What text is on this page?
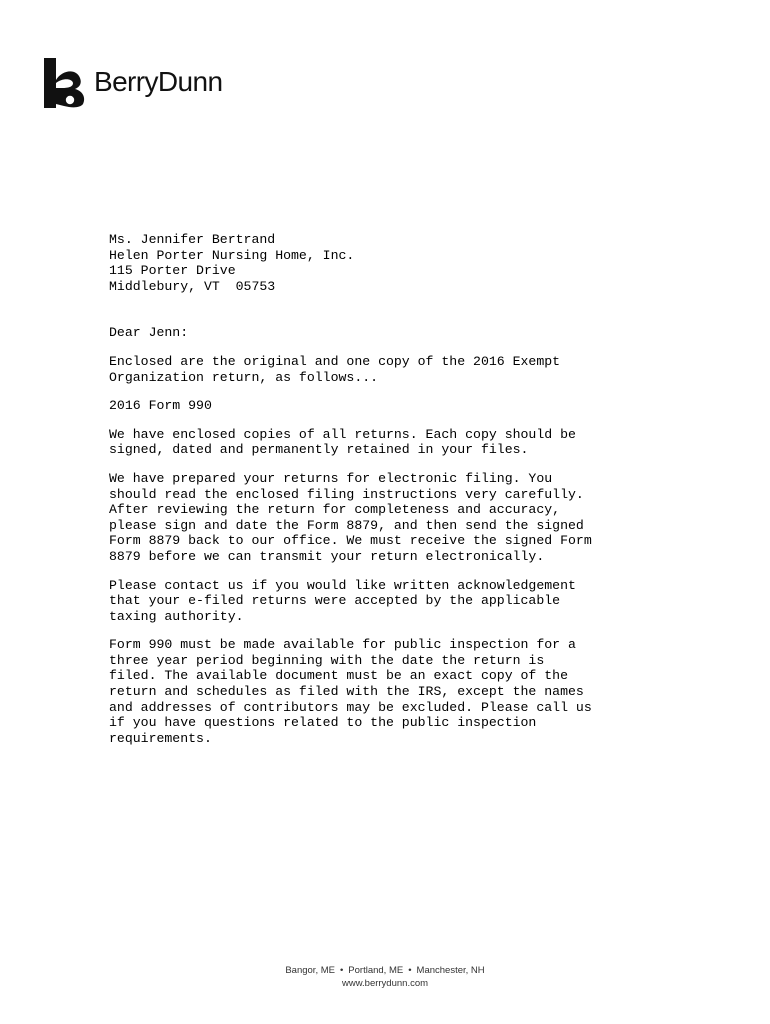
BerryDunn
Ms. Jennifer Bertrand
Helen Porter Nursing Home, Inc.
115 Porter Drive
Middlebury, VT  05753
Dear Jenn:
Enclosed are the original and one copy of the 2016 Exempt
Organization return, as follows...
2016 Form 990
We have enclosed copies of all returns. Each copy should be
signed, dated and permanently retained in your files.
We have prepared your returns for electronic filing. You
should read the enclosed filing instructions very carefully.
After reviewing the return for completeness and accuracy,
please sign and date the Form 8879, and then send the signed
Form 8879 back to our office. We must receive the signed Form
8879 before we can transmit your return electronically.
Please contact us if you would like written acknowledgement
that your e-filed returns were accepted by the applicable
taxing authority.
Form 990 must be made available for public inspection for a
three year period beginning with the date the return is
filed. The available document must be an exact copy of the
return and schedules as filed with the IRS, except the names
and addresses of contributors may be excluded. Please call us
if you have questions related to the public inspection
requirements.
Bangor, ME • Portland, ME • Manchester, NH
www.berrydunn.com
